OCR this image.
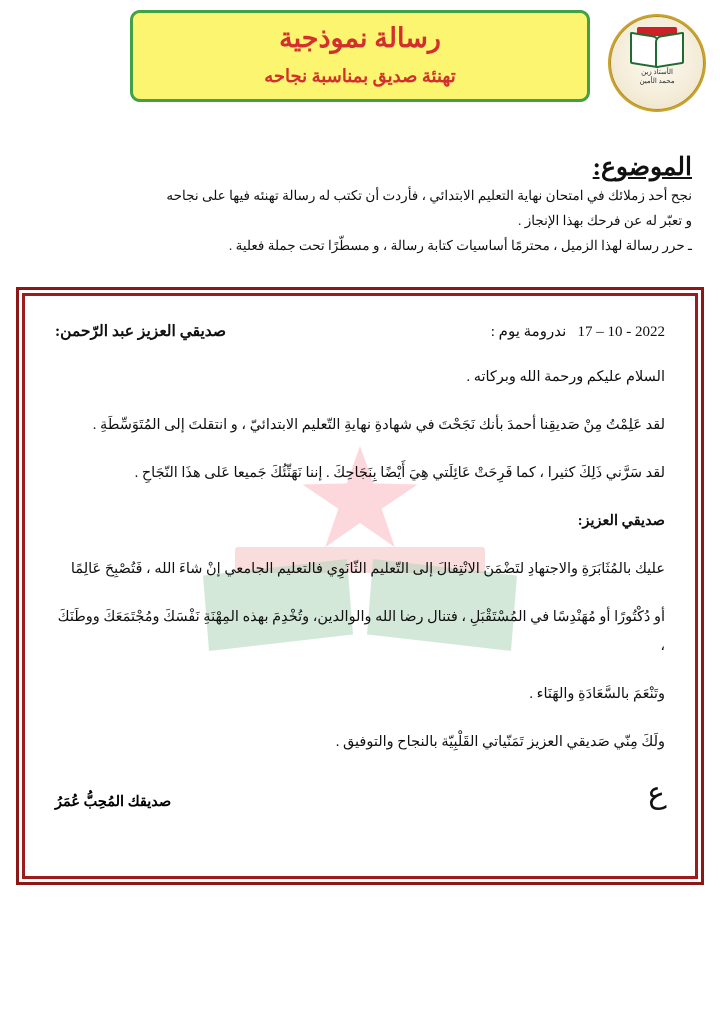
الأستاذ زين
محمد الأمين
رسالة نموذجية
تهنئة صديق بمناسبة نجاحه
الموضوع:
نجح أحد زملائك في امتحان نهاية التعليم الابتدائي ، فأردت أن تكتب له رسالة تهنئه فيها على نجاحه
و تعبّر له عن فرحك بهذا الإنجاز .
ـ حرر رسالة لهذا الزميل ، محترمًا أساسيات كتابة رسالة ، و مسطّرًا تحت جملة فعلية .
2022 - 10 – 17   ندرومة يوم :
صديقي العزيز عبد الرّحمن:

السلام عليكم ورحمة الله وبركاته .

لقد عَلِمْتُ مِنْ صَديقِنا أحمدَ بأنك نَجَحْتَ في شهادةِ نهايةِ التّعليم الابتدائيّ ، و انتقلتَ إلى المُتَوَسِّطَةِ .

لقد سَرَّني ذَلِكَ كثيرا ، كما فَرِحَتْ عَائِلَتي هِيَ أَيْضًا بِنَجَاحِكَ . إننا نَهَنِّئُكَ جَميعا عَلى هذَا النّجَاحِ .

صديقي العزيز:

عليك بالمُثَابَرَةِ والاجتهادِ لتَضْمَنَ الانْتِقالَ إلى التّعليم الثّانَوِي فالتعليم الجامعي إنْ شاءَ الله ، فَتُصْبِحَ عَالِمًا

أو دُكْتُورًا أو مُهَنْدِسًا في المُسْتَقْبَلِ ، فتنال رضا الله والوالدين، وتُخْدِمَ بهذه المِهْنَةِ نَفْسَكَ ومُجْتَمَعَكَ ووطَنَكَ ،

وتَنْعَمَ بالسَّعَادَةِ والهَنَاء .

ولَكَ مِنّي صَديقي العزيز تَمَنّياتي القَلْبِيّة بالنجاح والتوفيق .

ع
صديقك المُحِبُّ عُمَرُ
